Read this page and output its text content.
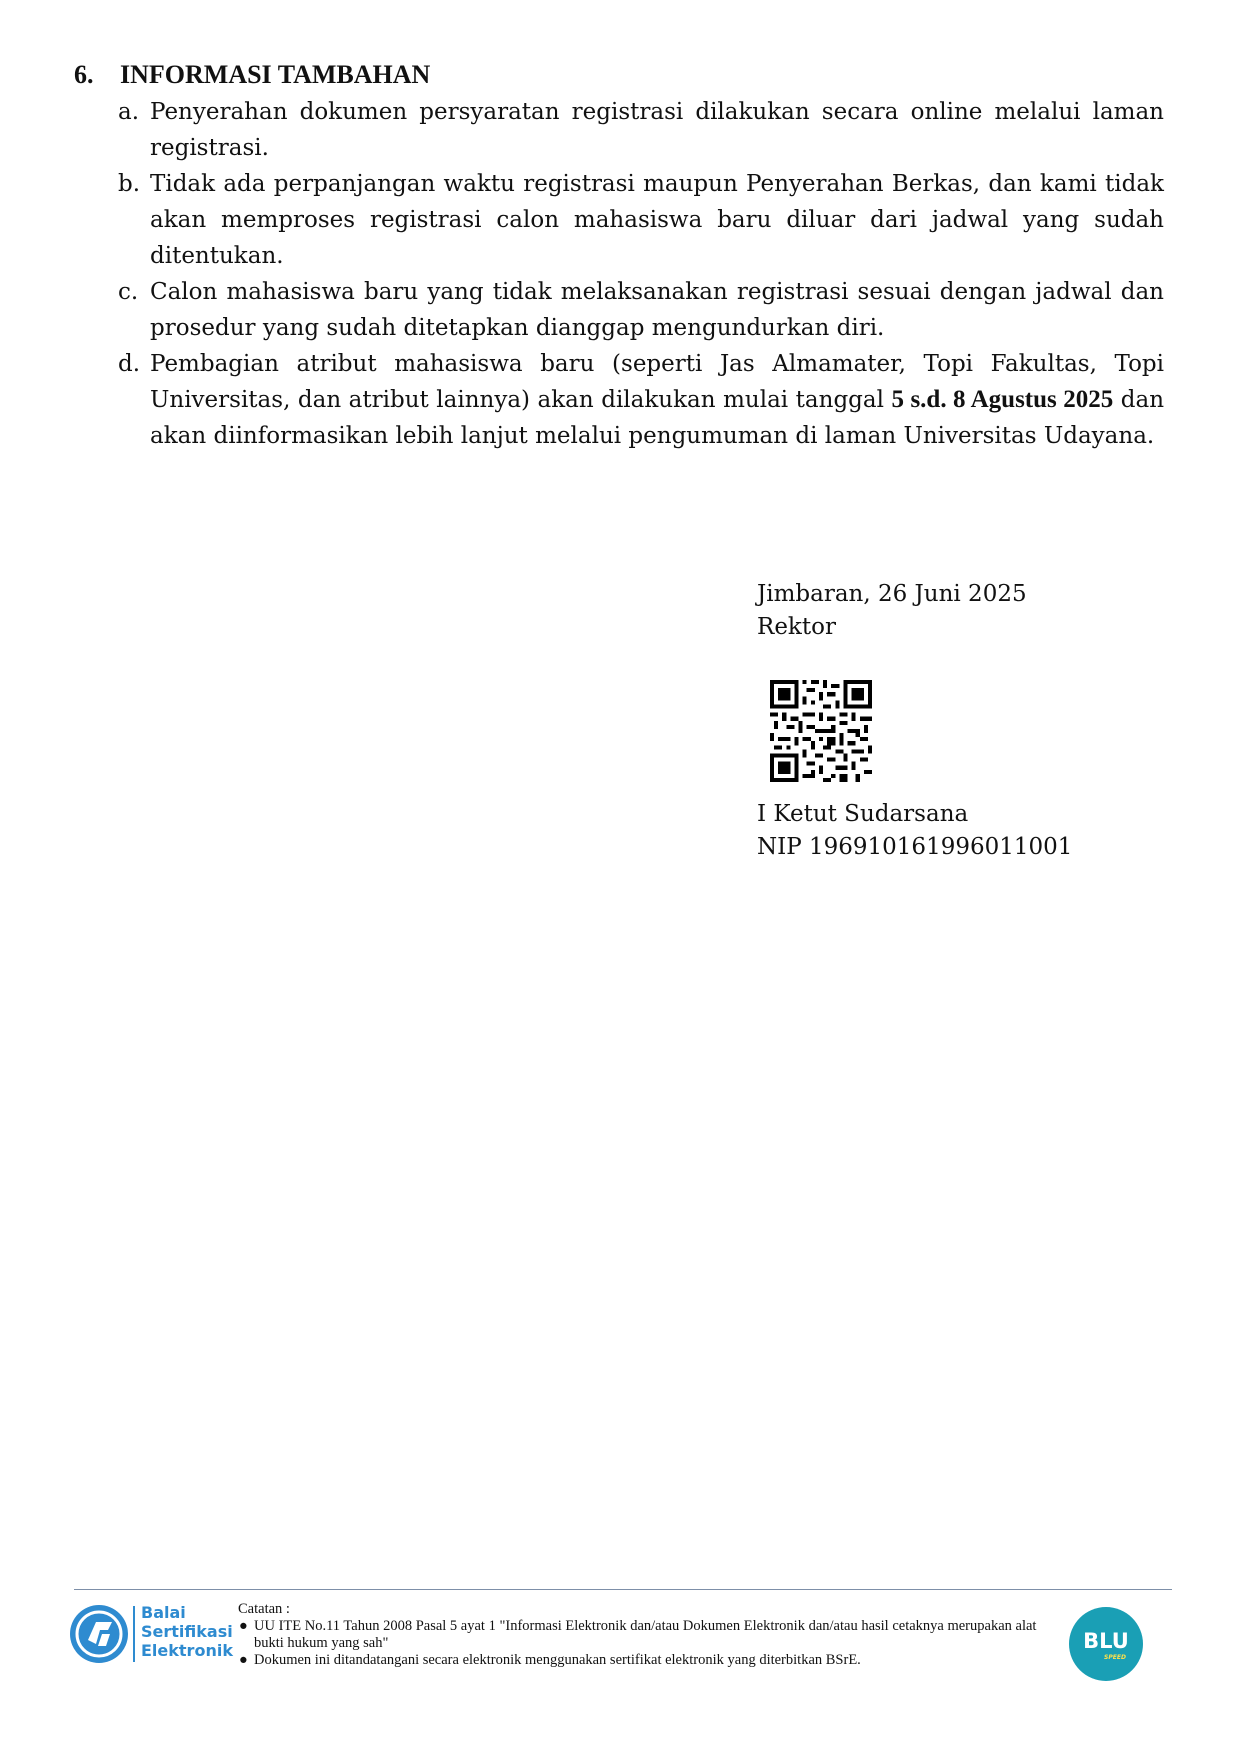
6.	INFORMASI TAMBAHAN
a. Penyerahan dokumen persyaratan registrasi dilakukan secara online melalui laman registrasi.
b. Tidak ada perpanjangan waktu registrasi maupun Penyerahan Berkas, dan kami tidak akan memproses registrasi calon mahasiswa baru diluar dari jadwal yang sudah ditentukan.
c. Calon mahasiswa baru yang tidak melaksanakan registrasi sesuai dengan jadwal dan prosedur yang sudah ditetapkan dianggap mengundurkan diri.
d. Pembagian atribut mahasiswa baru (seperti Jas Almamater, Topi Fakultas, Topi Universitas, dan atribut lainnya) akan dilakukan mulai tanggal 5 s.d. 8 Agustus 2025 dan akan diinformasikan lebih lanjut melalui pengumuman di laman Universitas Udayana.
Jimbaran, 26 Juni 2025
Rektor
I Ketut Sudarsana
NIP 196910161996011001
Balai
Sertifikasi
Elektronik
Catatan :
● UU ITE No.11 Tahun 2008 Pasal 5 ayat 1 "Informasi Elektronik dan/atau Dokumen Elektronik dan/atau hasil cetaknya merupakan alat bukti hukum yang sah"
● Dokumen ini ditandatangani secara elektronik menggunakan sertifikat elektronik yang diterbitkan BSrE.
BLU
SPEED
